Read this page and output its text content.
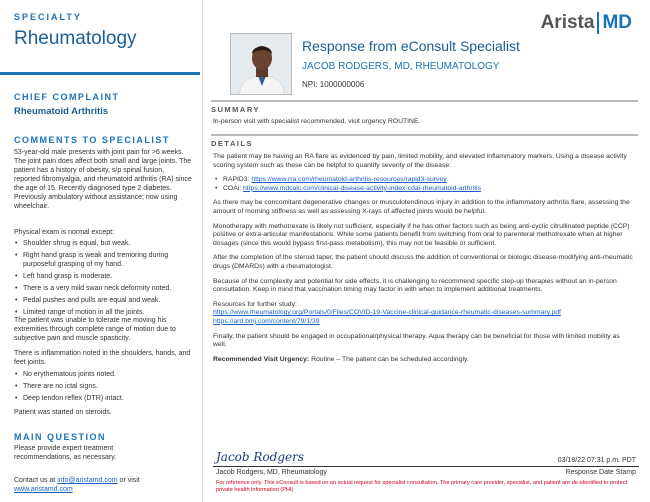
SPECIALTY
Rheumatology
CHIEF COMPLAINT
Rheumatoid Arthritis
COMMENTS TO SPECIALIST
53-year-old male presents with joint pain for >6 weeks. The joint pain does affect both small and large joints. The patient has a history of obesity, s/p spinal fusion, reported fibromyalgia, and rheumatoid arthritis (RA) since the age of 15. Recently diagnosed type 2 diabetes. Previously ambulatory without assistance; now using wheelchair.
Physical exam is normal except:
• Shoulder shrug is equal, but weak.
• Right hand grasp is weak and tremoring during purposeful grasping of my hand.
• Left hand grasp is moderate.
• There is a very mild swan neck deformity noted.
• Pedal pushes and pulls are equal and weak.
• Limited range of motion in all the joints.
The patient was unable to tolerate me moving his extremities through complete range of motion due to subjective pain and muscle spasticity.
There is inflammation noted in the shoulders, hands, and feet joints.
• No erythematous joints noted.
• There are no ictal signs.
• Deep tendon reflex (DTR) intact.
Patient was started on steroids.
MAIN QUESTION
Please provide expert treatment recommendations, as necessary.
Contact us at info@aristamd.com or visit
www.aristamd.com
Arista MD
Response from eConsult Specialist
JACOB RODGERS, MD, RHEUMATOLOGY
NPI: 1000000006
SUMMARY

In-person visit with specialist recommended, visit urgency ROUTINE.

DETAILS

The patient may be having an RA flare as evidenced by pain, limited mobility, and elevated inflammatory markers. Using a disease activity scoring system such as these can be helpful to quantify severity of the disease:

• RAPID3: https://www.rra.com/rheumatoid-arthritis-resources/rapid3-survey
• COAi: https://www.mdcalc.com/clinical-disease-activity-index-cdai-rheumatoid-arthritis

As there may be concomitant degenerative changes or musculotendinous injury in addition to the inflammatory arthritis flare, assessing the amount of morning stiffness as well as assessing X-rays of affected joints would be helpful.

Monotherapy with methotrexate is likely not sufficient, especially if he has other factors such as being anti-cyclic citrullinated peptide (CCP) positive or extra-articular manifestations. While some patients benefit from switching from oral to parenteral methotrexate when at higher dosages (since this would bypass first-pass metabolism), this may not be feasible or sufficient.

After the completion of the steroid taper, the patient should discuss the addition of conventional or biologic disease-modifying anti-rheumatic drugs (DMARDs) with a rheumatologist.

Because of the complexity and potential for side effects, it is challenging to recommend specific step-up therapies without an in-person consultation. Keep in mind that vaccination timing may factor in with when to implement additional treatments.

Resources for further study:
https://www.rheumatology.org/Portals/0/Files/COVID-19-Vaccine-clinical-guidance-rheumatic-diseases-summary.pdf
https://ard.bmj.com/content/79/1/39

Finally, the patient should be engaged in occupational/physical therapy. Aqua therapy can be beneficial for those with limited mobility as well.

Recommended Visit Urgency: Routine – The patient can be scheduled accordingly.

Jacob Rodgers	03/18/22 07:31 p.m. PDT
Jacob Rodgers, MD, Rheumatology	Response Date Stamp
For reference only. This eConsult is based on an actual request for specialist consultation. The primary care provider, specialist, and patient are de-identified to protect private health information (PHI)
